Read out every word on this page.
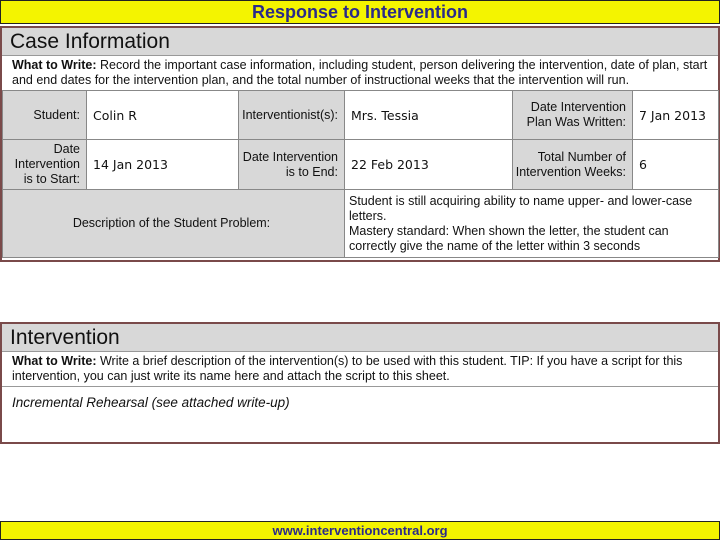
Response to Intervention
Case Information
What to Write: Record the important case information, including student, person delivering the intervention, date of plan, start and end dates for the intervention plan, and the total number of instructional weeks that the intervention will run.
Student:	Colin R	Interventionist(s):	Mrs. Tessia	Date Intervention Plan Was Written:	7 Jan 2013
Date Intervention is to Start:	14 Jan 2013	Date Intervention is to End:	22 Feb 2013	Total Number of Intervention Weeks:	6
Description of the Student Problem:			Student is still acquiring ability to name upper- and lower-case letters.
Mastery standard: When shown the letter, the student can correctly give the name of the letter within 3 seconds		
Intervention
What to Write: Write a brief description of the intervention(s) to be used with this student. TIP: If you have a script for this intervention, you can just write its name here and attach the script to this sheet.
Incremental Rehearsal (see attached write-up)
www.interventioncentral.org
